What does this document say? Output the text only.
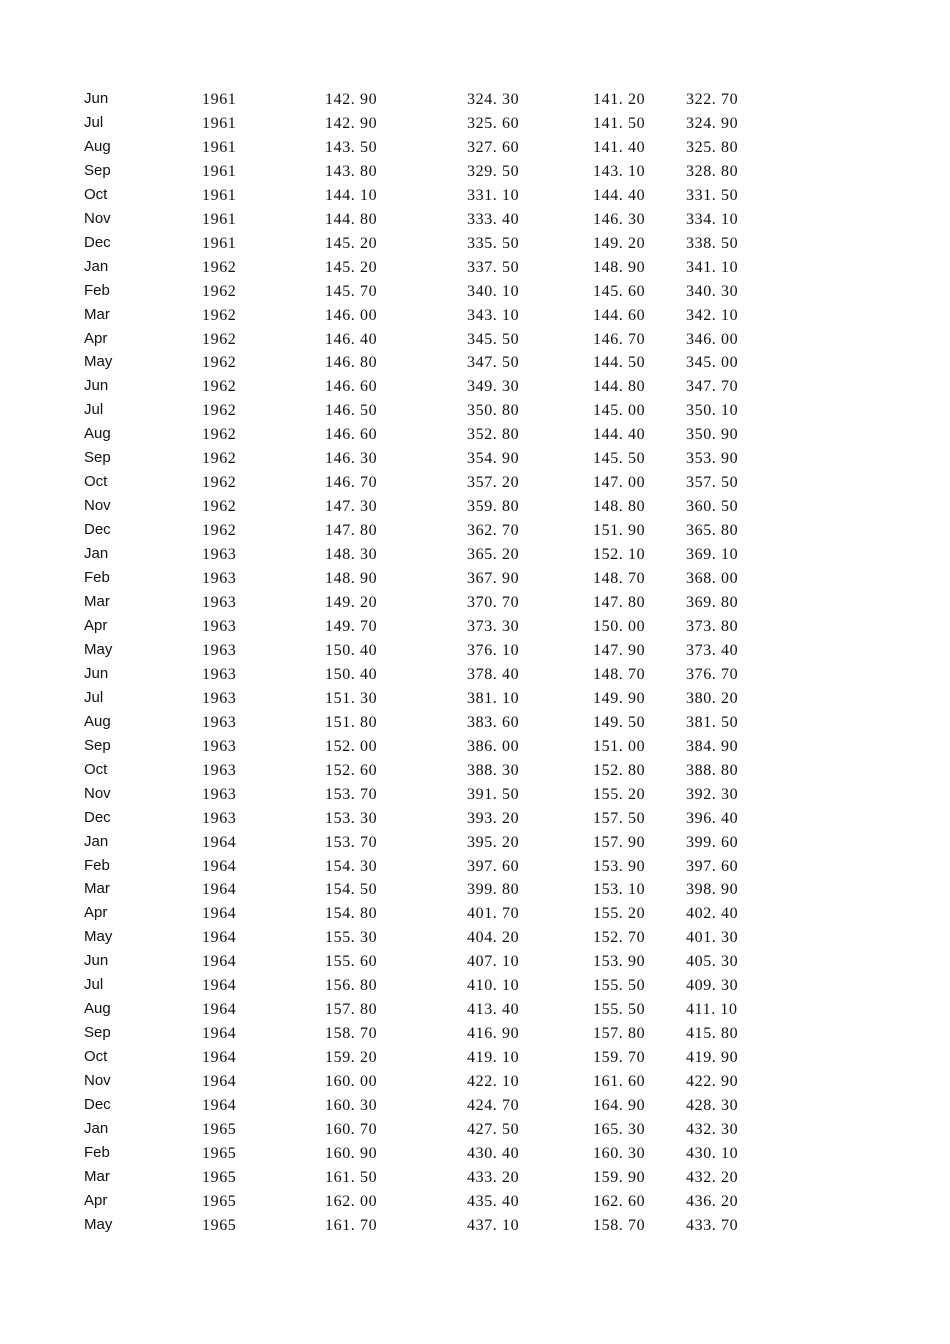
Jun	1961	142. 90	324. 30	141. 20	322. 70
Jul	1961	142. 90	325. 60	141. 50	324. 90
Aug	1961	143. 50	327. 60	141. 40	325. 80
Sep	1961	143. 80	329. 50	143. 10	328. 80
Oct	1961	144. 10	331. 10	144. 40	331. 50
Nov	1961	144. 80	333. 40	146. 30	334. 10
Dec	1961	145. 20	335. 50	149. 20	338. 50
Jan	1962	145. 20	337. 50	148. 90	341. 10
Feb	1962	145. 70	340. 10	145. 60	340. 30
Mar	1962	146. 00	343. 10	144. 60	342. 10
Apr	1962	146. 40	345. 50	146. 70	346. 00
May	1962	146. 80	347. 50	144. 50	345. 00
Jun	1962	146. 60	349. 30	144. 80	347. 70
Jul	1962	146. 50	350. 80	145. 00	350. 10
Aug	1962	146. 60	352. 80	144. 40	350. 90
Sep	1962	146. 30	354. 90	145. 50	353. 90
Oct	1962	146. 70	357. 20	147. 00	357. 50
Nov	1962	147. 30	359. 80	148. 80	360. 50
Dec	1962	147. 80	362. 70	151. 90	365. 80
Jan	1963	148. 30	365. 20	152. 10	369. 10
Feb	1963	148. 90	367. 90	148. 70	368. 00
Mar	1963	149. 20	370. 70	147. 80	369. 80
Apr	1963	149. 70	373. 30	150. 00	373. 80
May	1963	150. 40	376. 10	147. 90	373. 40
Jun	1963	150. 40	378. 40	148. 70	376. 70
Jul	1963	151. 30	381. 10	149. 90	380. 20
Aug	1963	151. 80	383. 60	149. 50	381. 50
Sep	1963	152. 00	386. 00	151. 00	384. 90
Oct	1963	152. 60	388. 30	152. 80	388. 80
Nov	1963	153. 70	391. 50	155. 20	392. 30
Dec	1963	153. 30	393. 20	157. 50	396. 40
Jan	1964	153. 70	395. 20	157. 90	399. 60
Feb	1964	154. 30	397. 60	153. 90	397. 60
Mar	1964	154. 50	399. 80	153. 10	398. 90
Apr	1964	154. 80	401. 70	155. 20	402. 40
May	1964	155. 30	404. 20	152. 70	401. 30
Jun	1964	155. 60	407. 10	153. 90	405. 30
Jul	1964	156. 80	410. 10	155. 50	409. 30
Aug	1964	157. 80	413. 40	155. 50	411. 10
Sep	1964	158. 70	416. 90	157. 80	415. 80
Oct	1964	159. 20	419. 10	159. 70	419. 90
Nov	1964	160. 00	422. 10	161. 60	422. 90
Dec	1964	160. 30	424. 70	164. 90	428. 30
Jan	1965	160. 70	427. 50	165. 30	432. 30
Feb	1965	160. 90	430. 40	160. 30	430. 10
Mar	1965	161. 50	433. 20	159. 90	432. 20
Apr	1965	162. 00	435. 40	162. 60	436. 20
May	1965	161. 70	437. 10	158. 70	433. 70
